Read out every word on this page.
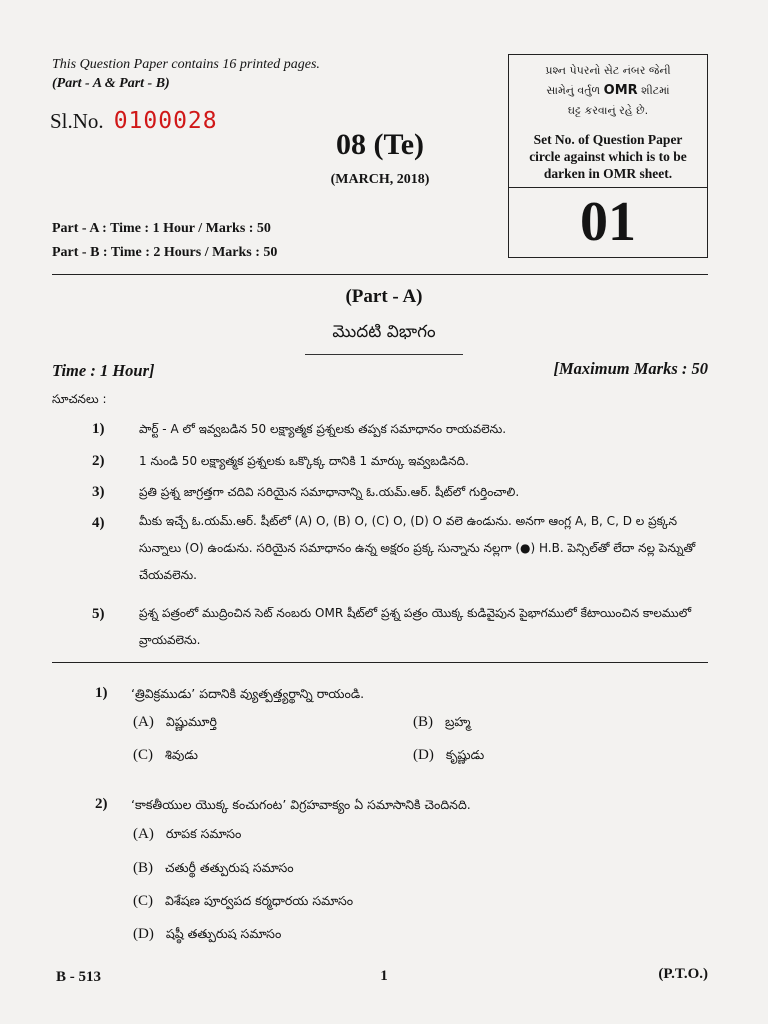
This Question Paper contains 16 printed pages.
(Part - A & Part - B)
Sl.No. 0100028
08 (Te)
(MARCH, 2018)
પ્રશ્ન પેપરનો સેટ નંબર જેની
સામેનું વર્તુળ OMR શીટમાં
ઘટ્ટ કરવાનું રહે છે.
Set No. of Question Paper
circle against which is to be
darken in OMR sheet.
01
Part - A : Time : 1 Hour / Marks : 50
Part - B : Time : 2 Hours / Marks : 50
(Part - A)
మొదటి విభాగం
Time : 1 Hour]	[Maximum Marks : 50
సూచనలు :
1)	పార్ట్ - A లో ఇవ్వబడిన 50 లక్ష్యాత్మక ప్రశ్నలకు తప్పక సమాధానం రాయవలెను.
2)	1 నుండి 50 లక్ష్యాత్మక ప్రశ్నలకు ఒక్కొక్క దానికి 1 మార్కు ఇవ్వబడినది.
3)	ప్రతి ప్రశ్న జాగ్రత్తగా చదివి సరియైన సమాధానాన్ని ఓ.యమ్.ఆర్. షీట్‌లో గుర్తించాలి.
4)	మీకు ఇచ్చే ఓ.యమ్.ఆర్. షీట్‌లో (A) O, (B) O, (C) O, (D) O వలె ఉండును. అనగా ఆంగ్ల A, B, C, D ల ప్రక్కన సున్నాలు (O) ఉండును. సరియైన సమాధానం ఉన్న అక్షరం ప్రక్క సున్నాను నల్లగా (●) H.B. పెన్సిల్‌తో లేదా నల్ల పెన్నుతో చేయవలెను.
5)	ప్రశ్న పత్రంలో ముద్రించిన సెట్ నంబరు OMR షీట్‌లో ప్రశ్న పత్రం యొక్క కుడివైపున పైభాగములో కేటాయించిన కాలములో వ్రాయవలెను.
1) ‘త్రివిక్రముడు’ పదానికి వ్యుత్పత్త్యర్థాన్ని రాయండి.
(A) విష్ణుమూర్తి	(B) బ్రహ్మ
(C) శివుడు	(D) కృష్ణుడు
2) ‘కాకతీయుల యొక్క కంచుగంట’ విగ్రహవాక్యం ఏ సమాసానికి చెందినది.
(A) రూపక సమాసం
(B) చతుర్థీ తత్పురుష సమాసం
(C) విశేషణ పూర్వపద కర్మధారయ సమాసం
(D) షష్ఠీ తత్పురుష సమాసం
B - 513	1	(P.T.O.)
